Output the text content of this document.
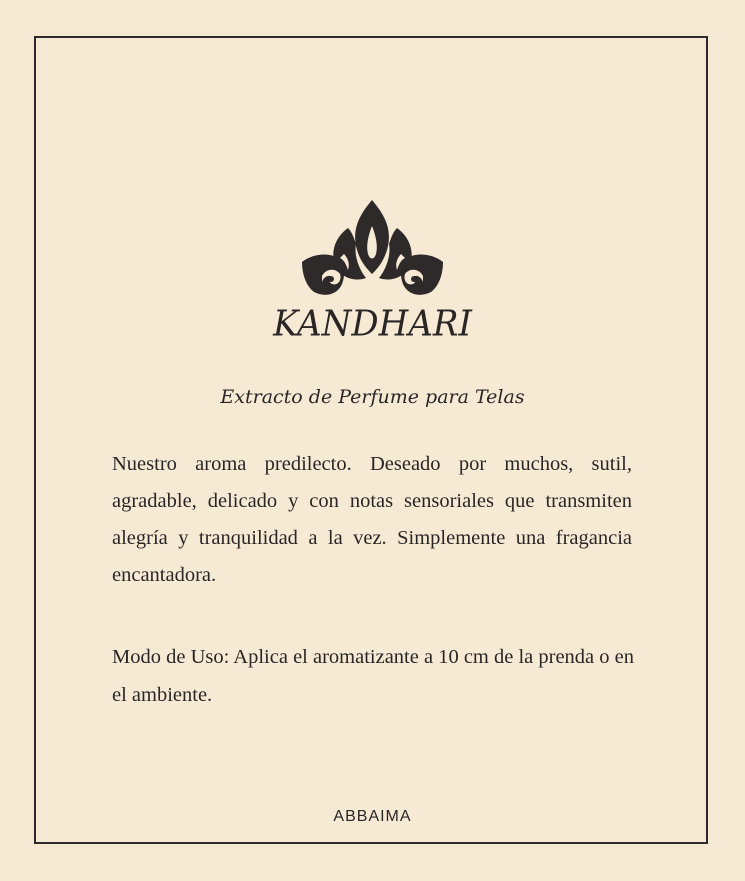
KANDHARI
Extracto de Perfume para Telas
Nuestro aroma predilecto. Deseado por muchos, sutil, agradable, delicado y con notas sensoriales que transmiten alegría y tranquilidad a la vez. Simplemente una fragancia encantadora.
Modo de Uso: Aplica el aromatizante a 10 cm de la prenda o en el ambiente.
ABBAIMA
